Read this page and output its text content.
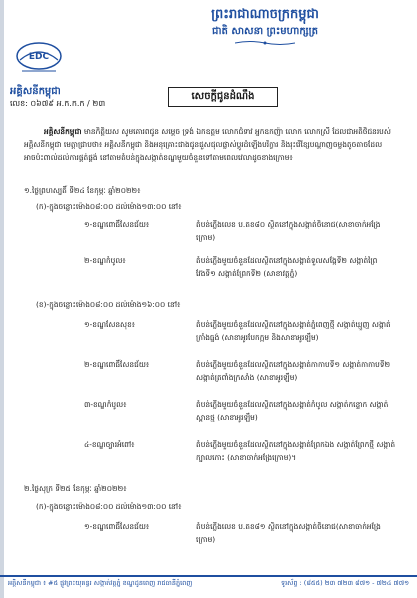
ព្រះរាជាណាចក្រកម្ពុជា
ជាតិ សាសនា ព្រះមហាក្សត្រ
EDC
អគ្គិសនីកម្ពុជា
លេខ: ០៦៧៩ អ.ក.ក.ក / ២៣
សេចក្តីជូនដំណឹង
អគ្គិសនីកម្ពុជា មានកិត្តិយស សូមគោរពជូន សម្តេច ទ្រង់ ឯកឧត្តម លោកជំទាវ អ្នកឧកញ៉ា លោក លោកស្រី ដែលជាអតិថិជនរបស់អគ្គិសនីកម្ពុជា មេត្តាជ្រាបថា៖ អគ្គិសនីកម្ពុជា និងអនុគ្រោះជាងជូនជួសជុលផ្លាស់ប្តូរដំឡើងបរិក្ខារ និងរុះរើខ្សែបណ្តាញចម្លងតូចតាចដែលអាចប៉ះពាល់ដល់ការផ្គត់ផ្គង់ នៅតាមតំបន់ក្នុងសង្កាត់ខណ្ឌមួយចំនួនទៅតាមពេលវេលាដូចខាងក្រោម៖
១.ថ្ងៃព្រហស្បតិ៍ ទី២៤ ខែកុម្ភៈ ឆ្នាំ២០២២៖
(ក)-ក្នុងចន្លោះម៉ោង០៨:០០ ដល់ម៉ោង១៣:០០ នៅ៖
១-ខណ្ឌពោធិ៍សែនជ័យ៖	តំបន់ភ្លើងលេខ ប.តខ៨០ ស្ថិតនៅក្នុងសង្កាត់ចិនោជ(សាខាចាក់អង្រែក្រោម)
២-ខណ្ឌកំបូល៖	តំបន់ភ្លើងមួយចំនួនដែលស្ថិតនៅក្នុងសង្កាត់ទួលសង្កែទី២ សង្កាត់ព្រៃវែងទី១ សង្កាត់ព្រែកទី២ (សាខាវត្តភ្នំ)
(ខ)-ក្នុងចន្លោះម៉ោង០៨:០០ ដល់ម៉ោង១៦:០០ នៅ៖
១-ខណ្ឌសែនសុខ៖	តំបន់ភ្លើងមួយចំនួនដែលស្ថិតនៅក្នុងសង្កាត់ភ្នំពេញថ្មី សង្កាត់ឃ្មួញ សង្កាត់ក្រាំងធ្នង់ (សាខាអូរបែកក្អម និងសាខាអូរឡឹម)
២-ខណ្ឌពោធិ៍សែនជ័យ៖	តំបន់ភ្លើងមួយចំនួនដែលស្ថិតនៅក្នុងសង្កាត់កាកាបទី១ សង្កាត់កាកាបទី២ សង្កាត់ត្រពាំងក្រសាំង (សាខាអូរឡឹម)
៣-ខណ្ឌកំបូល៖	តំបន់ភ្លើងមួយចំនួនដែលស្ថិតនៅក្នុងសង្កាត់កំបូល សង្កាត់កន្ទោក សង្កាត់ស្ពានថ្ម (សាខាអូរឡឹម)
៤-ខណ្ឌច្បារអំពៅ៖	តំបន់ភ្លើងមួយចំនួនដែលស្ថិតនៅក្នុងសង្កាត់ព្រែកឯង សង្កាត់ព្រែកថ្មី សង្កាត់ក្បាលកោះ (សាខាចាក់អង្រែក្រោម)។
២.ថ្ងៃសុក្រ ទី២៥ ខែកុម្ភៈ ឆ្នាំ២០២២៖
(ក)-ក្នុងចន្លោះម៉ោង០៨:០០ ដល់ម៉ោង១៣:០០ នៅ៖
១-ខណ្ឌពោធិ៍សែនជ័យ៖	តំបន់ភ្លើងលេខ ប.តខ៨១ ស្ថិតនៅក្នុងសង្កាត់ចិនោជ(សាខាចាក់អង្រែក្រោម)
អគ្គិសនីកម្ពុជា ៖ #៥ ផ្លូវព្រះយុគន្ធរ សង្កាត់វត្តភ្នំ ខណ្ឌដូនពេញ រាជធានីភ្នំពេញ	ទូរស័ព្ទ : (៨៥៥) ២៣ ៧២៣ ៨៧១ - ៧២៤ ៧៧១
